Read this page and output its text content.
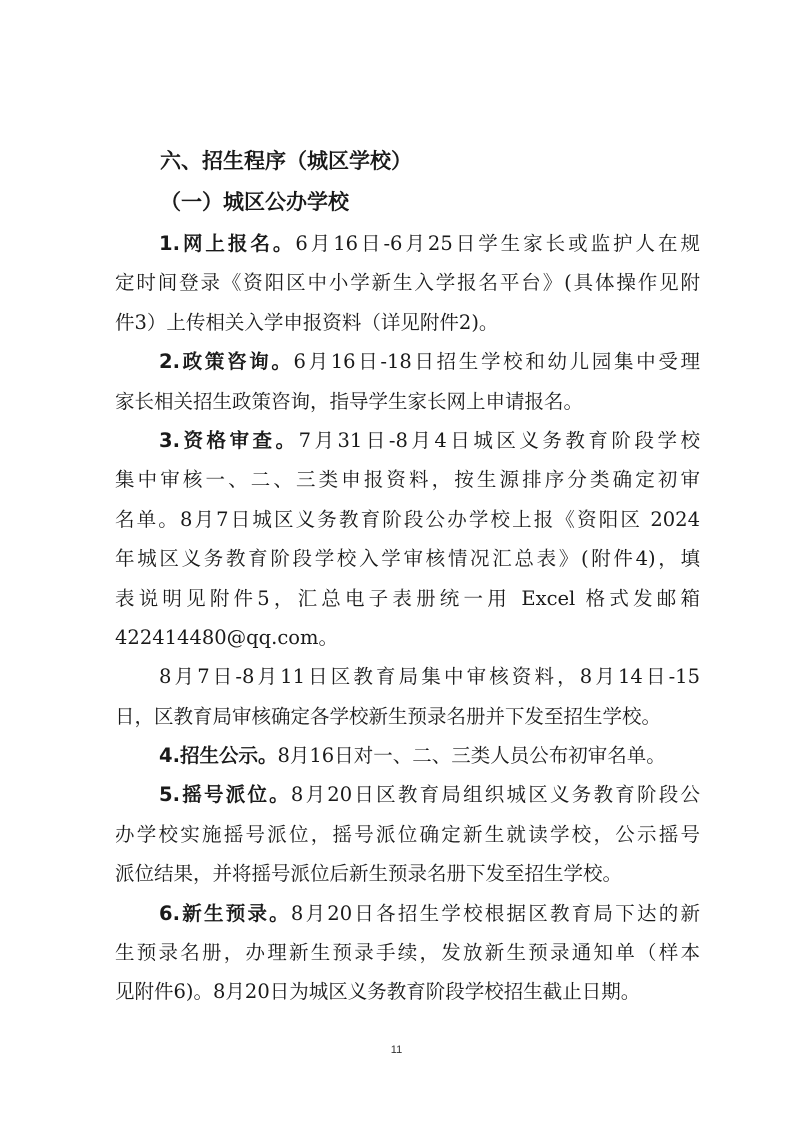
六、招生程序（城区学校）
（一）城区公办学校
1.网上报名。6月16日-6月25日学生家长或监护人在规
定时间登录《资阳区中小学新生入学报名平台》(具体操作见附
件3）上传相关入学申报资料（详见附件2)。
2.政策咨询。6月16日-18日招生学校和幼儿园集中受理
家长相关招生政策咨询，指导学生家长网上申请报名。
3.资格审查。7月31日-8月4日城区义务教育阶段学校
集中审核一、二、三类申报资料，按生源排序分类确定初审
名单。8月7日城区义务教育阶段公办学校上报《资阳区 2024
年城区义务教育阶段学校入学审核情况汇总表》(附件4)，填
表说明见附件5，汇总电子表册统一用 Excel 格式发邮箱
422414480@qq.com。
8月7日-8月11日区教育局集中审核资料，8月14日-15
日，区教育局审核确定各学校新生预录名册并下发至招生学校。
4.招生公示。8月16日对一、二、三类人员公布初审名单。
5.摇号派位。8月20日区教育局组织城区义务教育阶段公
办学校实施摇号派位，摇号派位确定新生就读学校，公示摇号
派位结果，并将摇号派位后新生预录名册下发至招生学校。
6.新生预录。8月20日各招生学校根据区教育局下达的新
生预录名册，办理新生预录手续，发放新生预录通知单（样本
见附件6)。8月20日为城区义务教育阶段学校招生截止日期。
11
